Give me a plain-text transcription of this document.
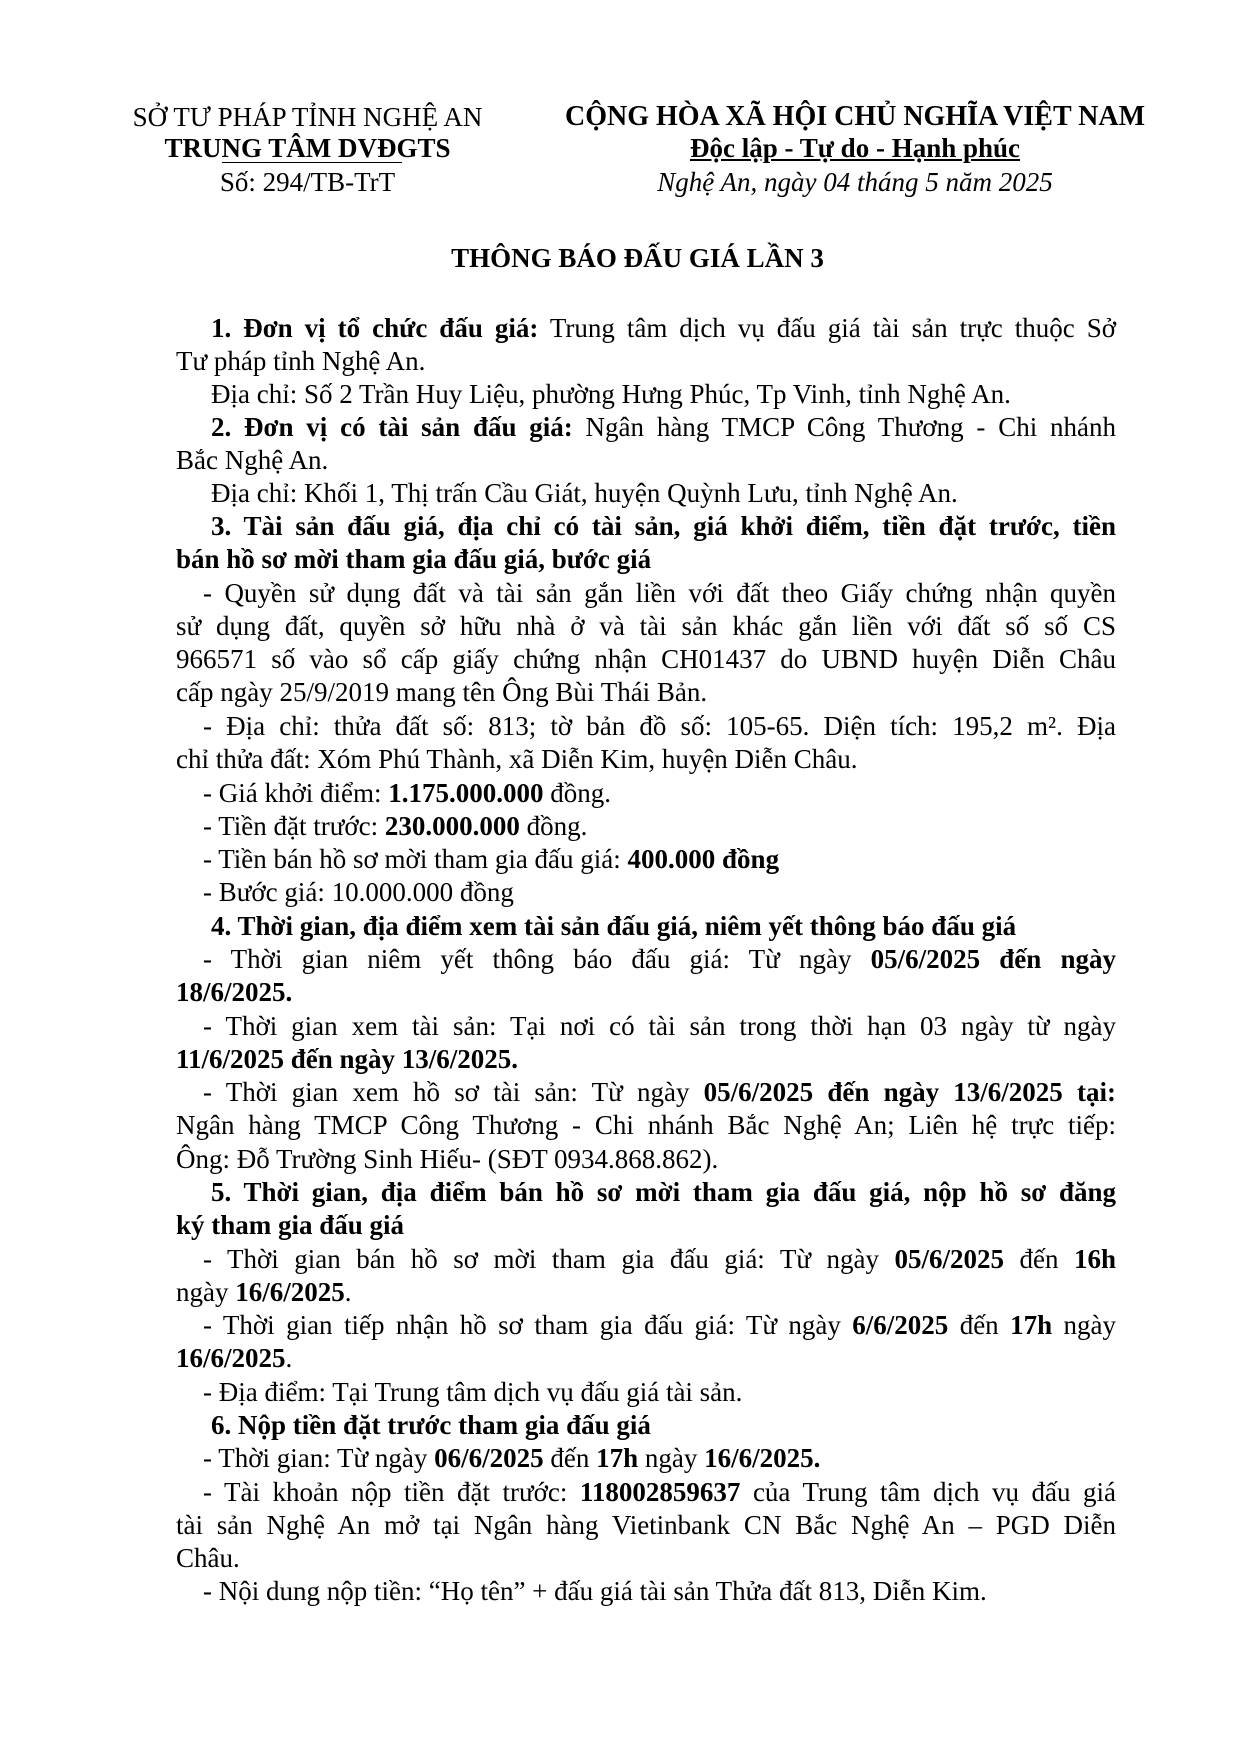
SỞ TƯ PHÁP TỈNH NGHỆ AN
TRUNG TÂM DVĐGTS
Số: 294/TB-TrT
CỘNG HÒA XÃ HỘI CHỦ NGHĨA VIỆT NAM
Độc lập - Tự do - Hạnh phúc
Nghệ An, ngày 04 tháng 5 năm 2025
THÔNG BÁO ĐẤU GIÁ LẦN 3
1. Đơn vị tổ chức đấu giá: Trung tâm dịch vụ đấu giá tài sản trực thuộc Sở
Tư pháp tỉnh Nghệ An.
Địa chỉ: Số 2 Trần Huy Liệu, phường Hưng Phúc, Tp Vinh, tỉnh Nghệ An.
2. Đơn vị có tài sản đấu giá: Ngân hàng TMCP Công Thương - Chi nhánh
Bắc Nghệ An.
Địa chỉ: Khối 1, Thị trấn Cầu Giát, huyện Quỳnh Lưu, tỉnh Nghệ An.
3. Tài sản đấu giá, địa chỉ có tài sản, giá khởi điểm, tiền đặt trước, tiền
bán hồ sơ mời tham gia đấu giá, bước giá
- Quyền sử dụng đất và tài sản gắn liền với đất theo Giấy chứng nhận quyền
sử dụng đất, quyền sở hữu nhà ở và tài sản khác gắn liền với đất số số CS
966571 số vào sổ cấp giấy chứng nhận CH01437 do UBND huyện Diễn Châu
cấp ngày 25/9/2019 mang tên Ông Bùi Thái Bản.
- Địa chỉ: thửa đất số: 813; tờ bản đồ số: 105-65. Diện tích: 195,2 m². Địa
chỉ thửa đất: Xóm Phú Thành, xã Diễn Kim, huyện Diễn Châu.
- Giá khởi điểm: 1.175.000.000 đồng.
- Tiền đặt trước: 230.000.000 đồng.
- Tiền bán hồ sơ mời tham gia đấu giá: 400.000 đồng
- Bước giá: 10.000.000 đồng
4. Thời gian, địa điểm xem tài sản đấu giá, niêm yết thông báo đấu giá
- Thời gian niêm yết thông báo đấu giá: Từ ngày 05/6/2025 đến ngày
18/6/2025.
- Thời gian xem tài sản: Tại nơi có tài sản trong thời hạn 03 ngày từ ngày
11/6/2025 đến ngày 13/6/2025.
- Thời gian xem hồ sơ tài sản: Từ ngày 05/6/2025 đến ngày 13/6/2025 tại:
Ngân hàng TMCP Công Thương - Chi nhánh Bắc Nghệ An; Liên hệ trực tiếp:
Ông: Đỗ Trường Sinh Hiếu- (SĐT 0934.868.862).
5. Thời gian, địa điểm bán hồ sơ mời tham gia đấu giá, nộp hồ sơ đăng
ký tham gia đấu giá
- Thời gian bán hồ sơ mời tham gia đấu giá: Từ ngày 05/6/2025 đến 16h
ngày 16/6/2025.
- Thời gian tiếp nhận hồ sơ tham gia đấu giá: Từ ngày 6/6/2025 đến 17h ngày
16/6/2025.
- Địa điểm: Tại Trung tâm dịch vụ đấu giá tài sản.
6. Nộp tiền đặt trước tham gia đấu giá
- Thời gian: Từ ngày 06/6/2025 đến 17h ngày 16/6/2025.
- Tài khoản nộp tiền đặt trước: 118002859637 của Trung tâm dịch vụ đấu giá
tài sản Nghệ An mở tại Ngân hàng Vietinbank CN Bắc Nghệ An – PGD Diễn
Châu.
- Nội dung nộp tiền: “Họ tên” + đấu giá tài sản Thửa đất 813, Diễn Kim.
